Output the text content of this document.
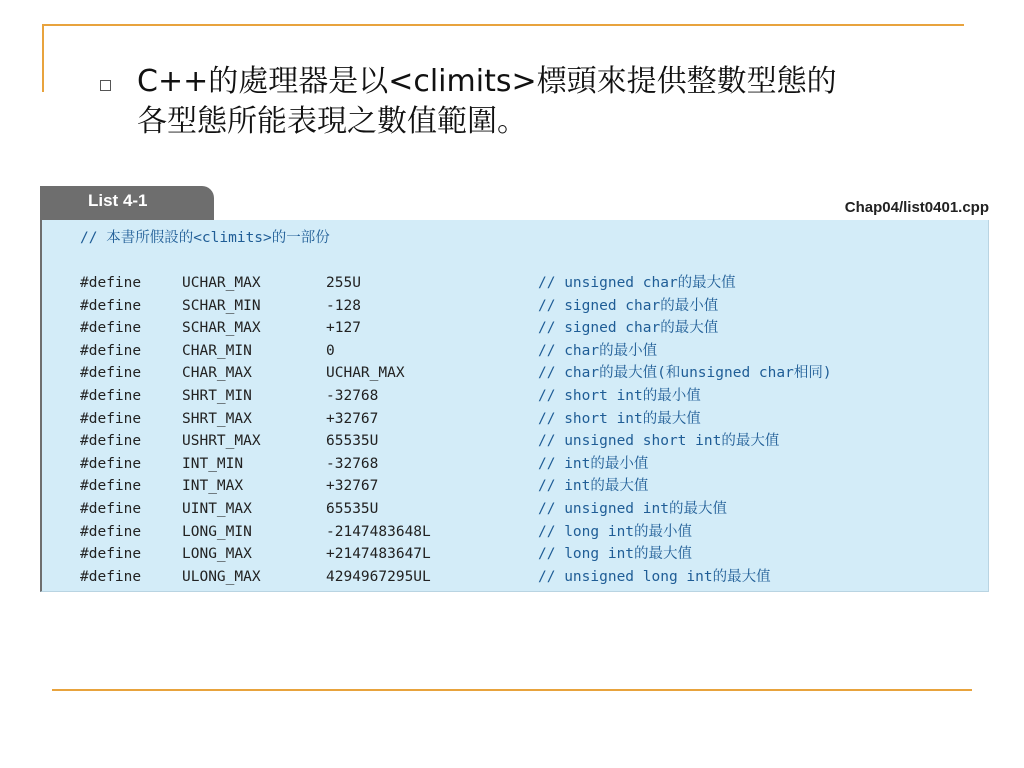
C++的處理器是以<climits>標頭來提供整數型態的
各型態所能表現之數值範圍。
List 4-1	Chap04/list0401.cpp
// 本書所假設的<climits>的一部份
#define	UCHAR_MAX	255U	// unsigned char的最大值
#define	SCHAR_MIN	-128	// signed char的最小值
#define	SCHAR_MAX	+127	// signed char的最大值
#define	CHAR_MIN	0	// char的最小值
#define	CHAR_MAX	UCHAR_MAX	// char的最大值(和unsigned char相同)
#define	SHRT_MIN	-32768	// short int的最小值
#define	SHRT_MAX	+32767	// short int的最大值
#define	USHRT_MAX	65535U	// unsigned short int的最大值
#define	INT_MIN	-32768	// int的最小值
#define	INT_MAX	+32767	// int的最大值
#define	UINT_MAX	65535U	// unsigned int的最大值
#define	LONG_MIN	-2147483648L	// long int的最小值
#define	LONG_MAX	+2147483647L	// long int的最大值
#define	ULONG_MAX	4294967295UL	// unsigned long int的最大值
